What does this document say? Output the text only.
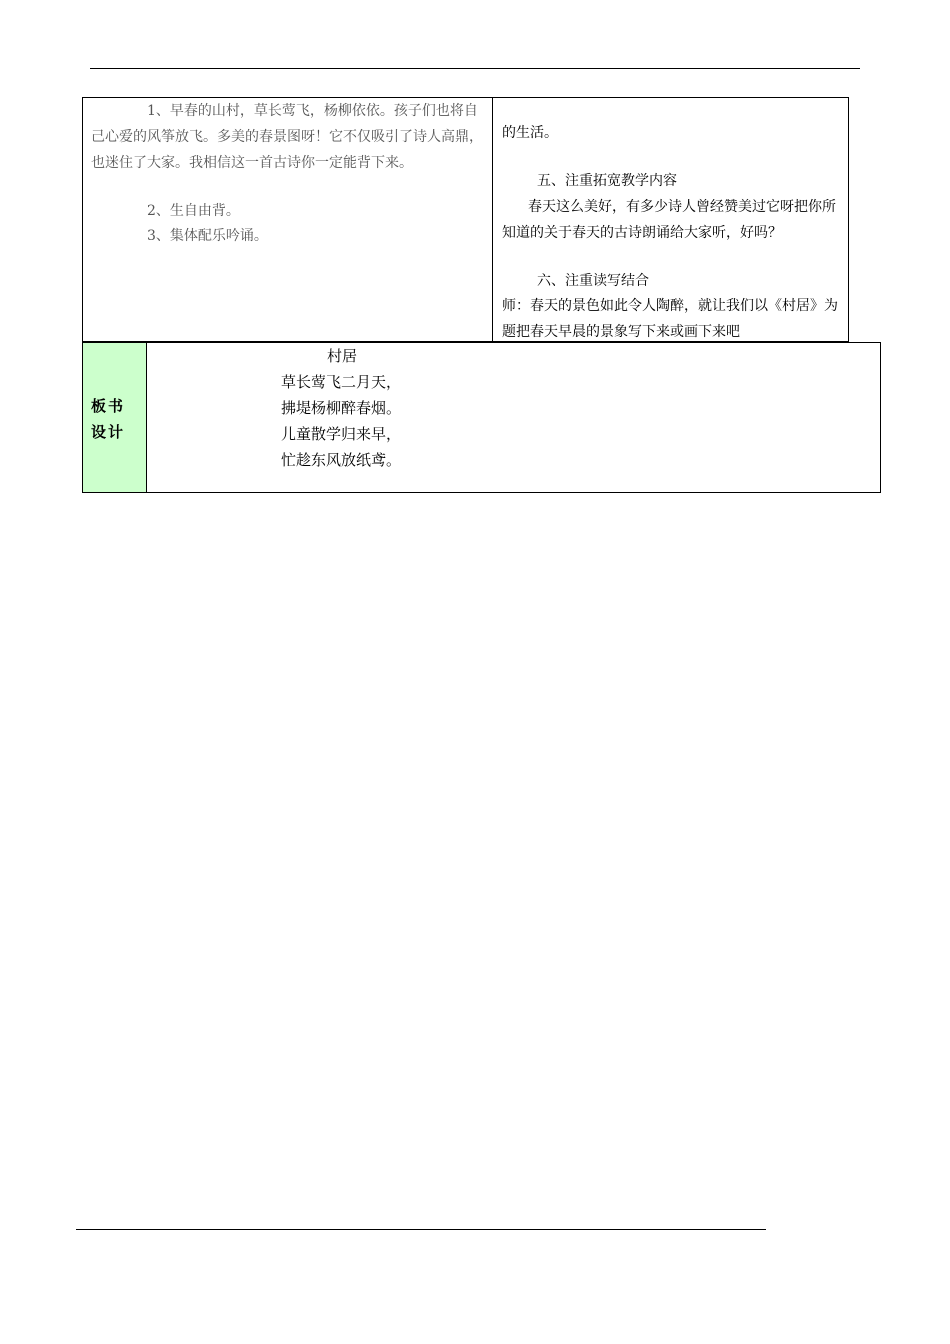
1、早春的山村，草长莺飞，杨柳依依。孩子们也将自己心爱的风筝放飞。多美的春景图呀！它不仅吸引了诗人高鼎，也迷住了大家。我相信这一首古诗你一定能背下来。

2、生自由背。

3、集体配乐吟诵。

的生活。

五、注重拓宽教学内容

春天这么美好，有多少诗人曾经赞美过它呀把你所知道的关于春天的古诗朗诵给大家听，好吗？

六、注重读写结合

师：春天的景色如此令人陶醉，就让我们以《村居》为题把春天早晨的景象写下来或画下来吧

板书
设计
村居
草长莺飞二月天，
拂堤杨柳醉春烟。
儿童散学归来早，
忙趁东风放纸鸢。
